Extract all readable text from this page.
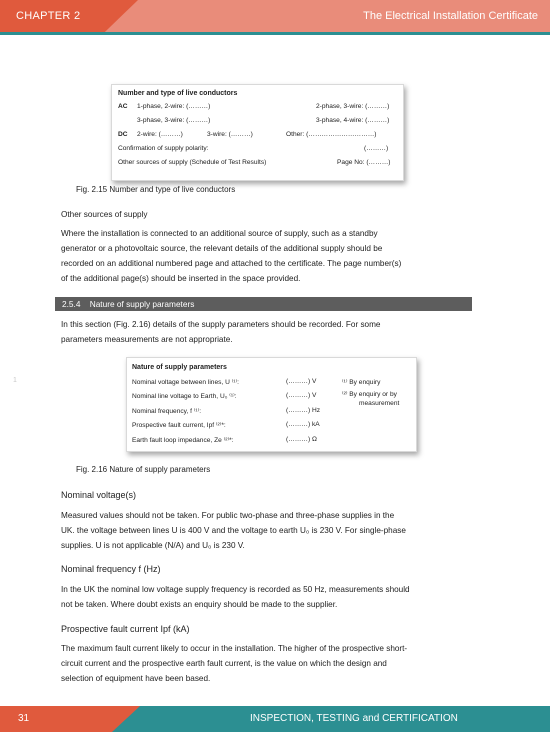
CHAPTER 2	The Electrical Installation Certificate
Number and type of live conductors
AC 1-phase, 2-wire: (………)	2-phase, 3-wire: (………)
3-phase, 3-wire: (………)	3-phase, 4-wire: (………)
DC 2-wire: (………)	3-wire: (………)	Other: (…………………………)
Confirmation of supply polarity:	(………)
Other sources of supply (Schedule of Test Results)	Page No: (………)
Fig. 2.15 Number and type of live conductors
Other sources of supply
Where the installation is connected to an additional source of supply, such as a standby
generator or a photovoltaic source, the relevant details of the additional supply should be
recorded on an additional numbered page and attached to the certificate. The page number(s)
of the additional page(s) should be inserted in the space provided.
2.5.4 Nature of supply parameters
In this section (Fig. 2.16) details of the supply parameters should be recorded. For some
parameters measurements are not appropriate.
Nature of supply parameters
Nominal voltage between lines, U ⁽¹⁾:	(………) V
Nominal line voltage to Earth, U₀ ⁽¹⁾:	(………) V
Nominal frequency, f ⁽¹⁾:	(………) Hz
Prospective fault current, Ipf ⁽²⁾*:	(………) kA
Earth fault loop impedance, Ze ⁽²⁾*:	(………) Ω
⁽¹⁾ By enquiry
⁽²⁾ By enquiry or by
measurement
Fig. 2.16 Nature of supply parameters
1
Nominal voltage(s)
Measured values should not be taken. For public two-phase and three-phase supplies in the
UK. the voltage between lines U is 400 V and the voltage to earth U₀ is 230 V. For single-phase
supplies. U is not applicable (N/A) and U₀ is 230 V.
Nominal frequency f (Hz)
In the UK the nominal low voltage supply frequency is recorded as 50 Hz, measurements should
not be taken. Where doubt exists an enquiry should be made to the supplier.
Prospective fault current Ipf (kA)
The maximum fault current likely to occur in the installation. The higher of the prospective short-
circuit current and the prospective earth fault current, is the value on which the design and
selection of equipment have been based.
31	INSPECTION, TESTING and CERTIFICATION
